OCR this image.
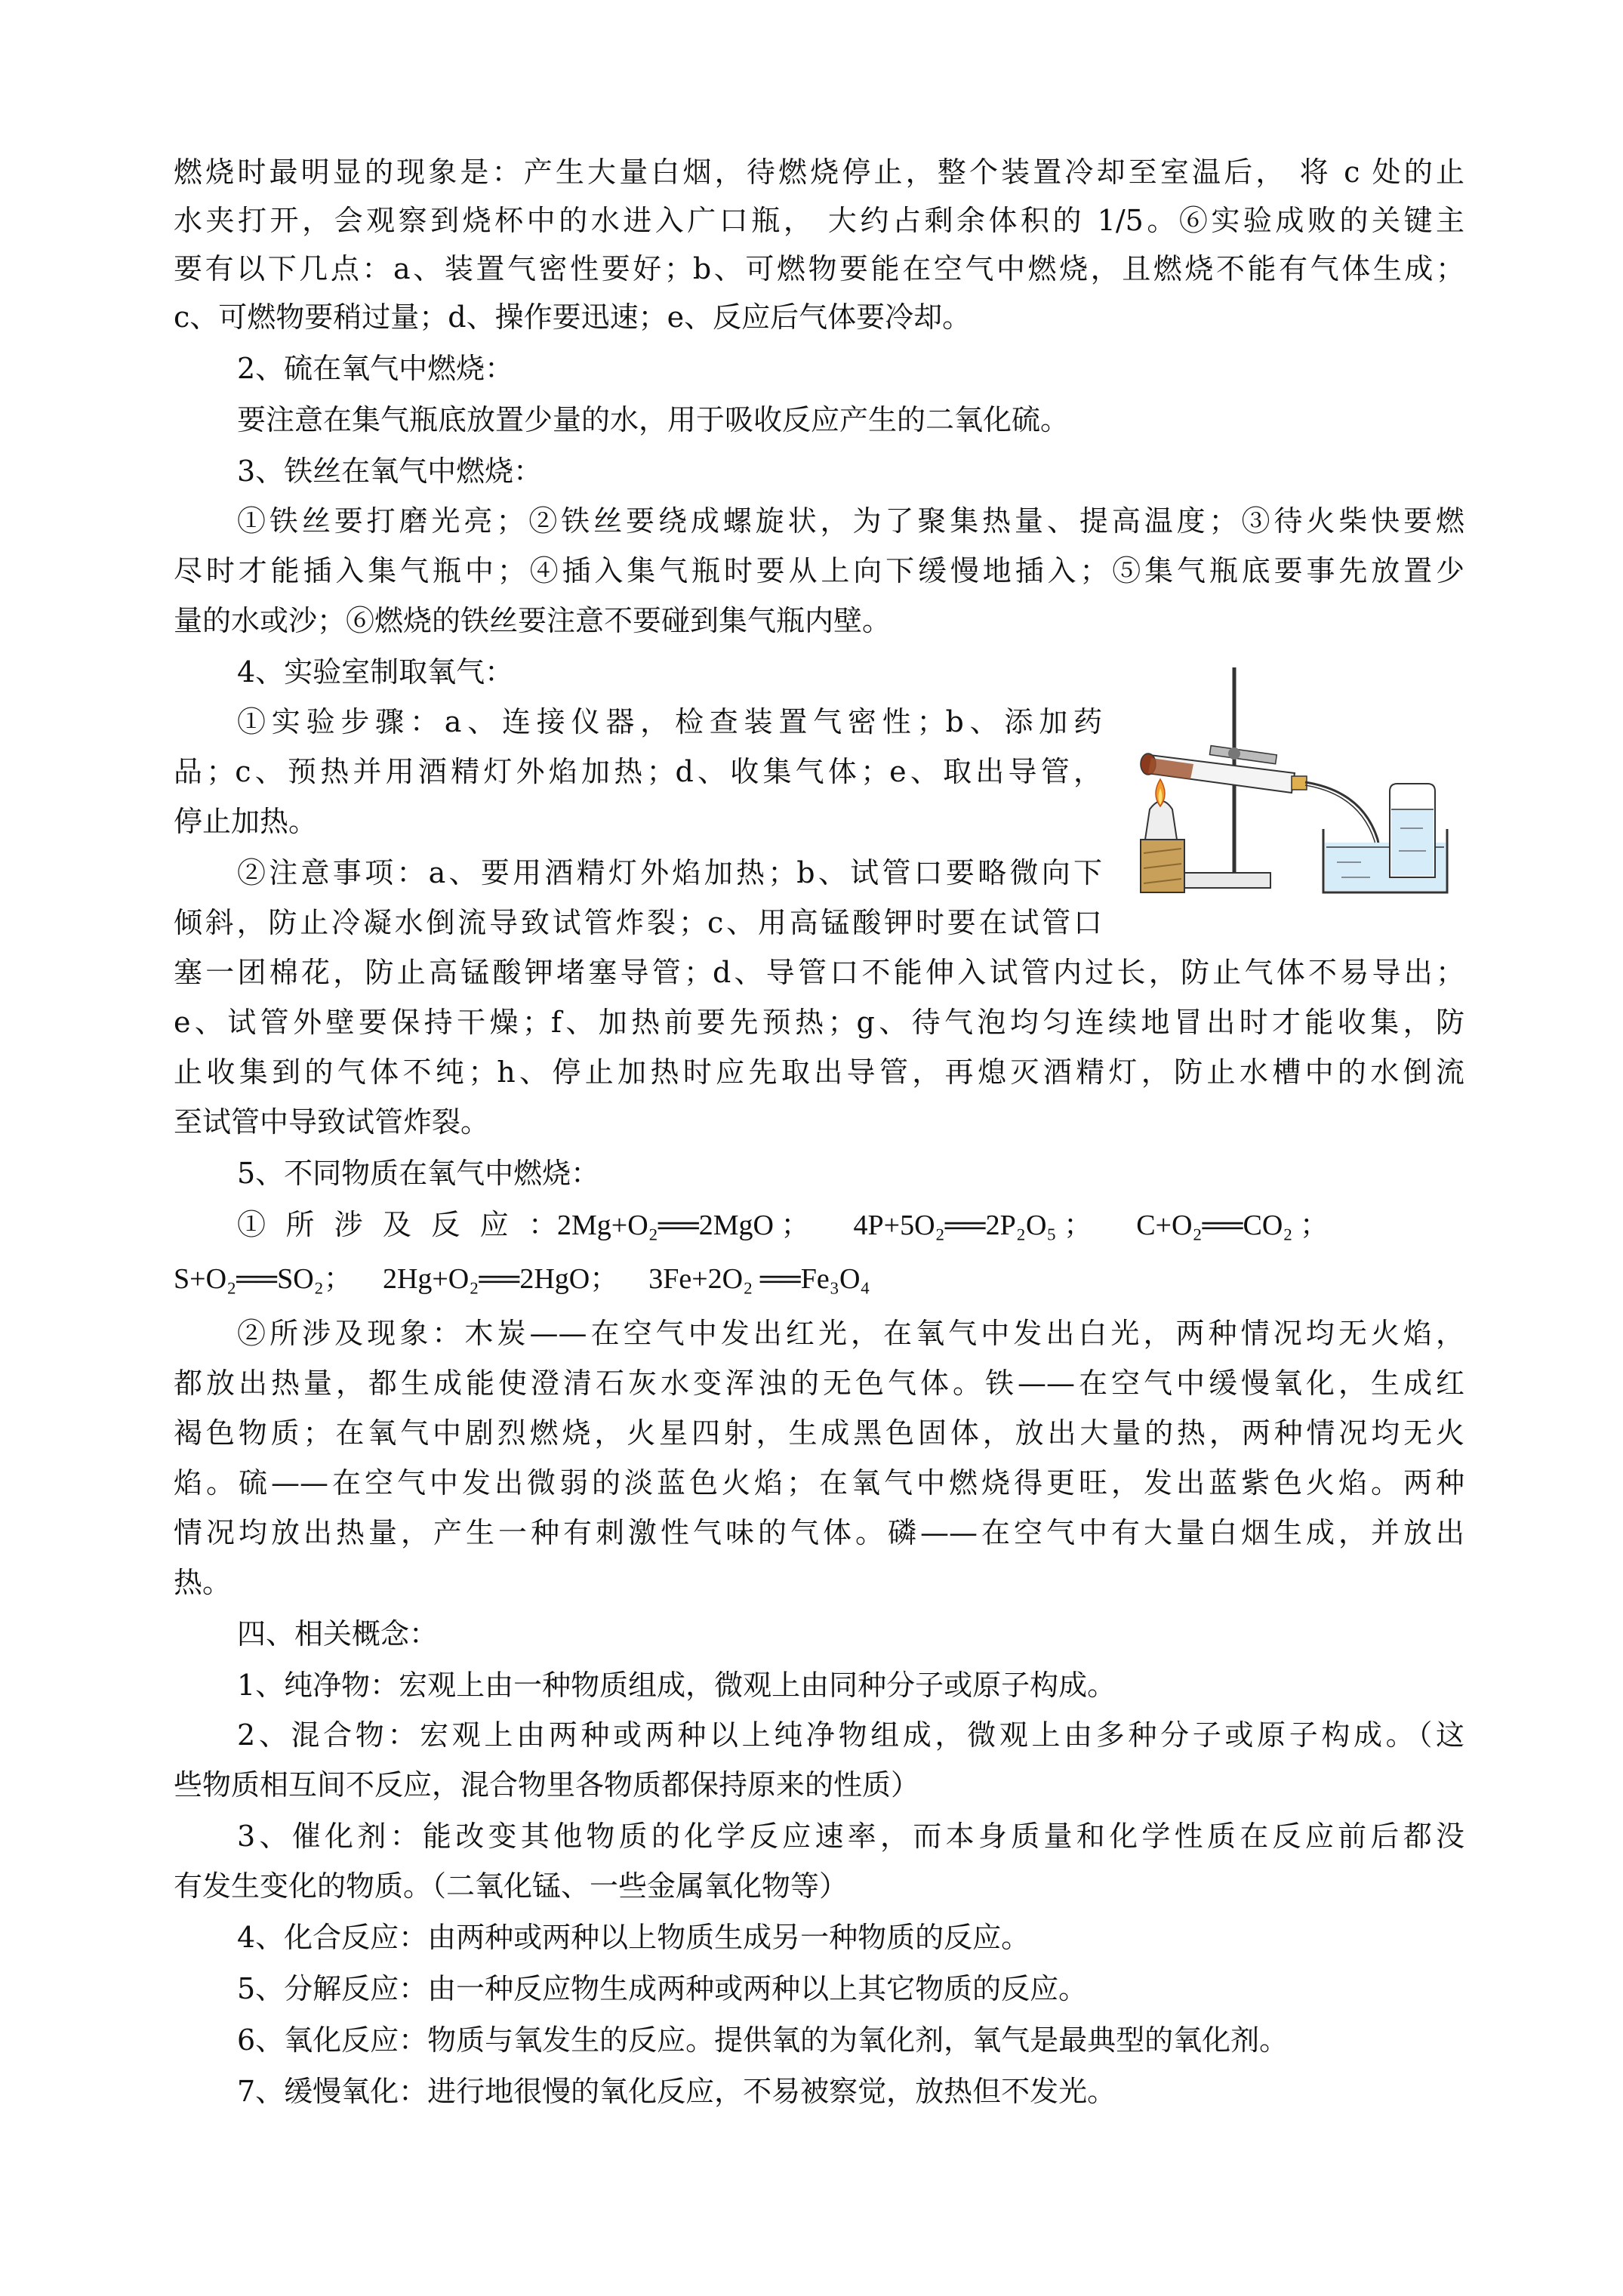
燃烧时最明显的现象是：产生大量白烟，待燃烧停止，整个装置冷却至室温后， 将 c 处的止
水夹打开，会观察到烧杯中的水进入广口瓶， 大约占剩余体积的 1/5。⑥实验成败的关键主
要有以下几点：a、装置气密性要好；b、可燃物要能在空气中燃烧，且燃烧不能有气体生成；
c、可燃物要稍过量；d、操作要迅速；e、反应后气体要冷却。
2、硫在氧气中燃烧：
要注意在集气瓶底放置少量的水，用于吸收反应产生的二氧化硫。
3、铁丝在氧气中燃烧：
①铁丝要打磨光亮；②铁丝要绕成螺旋状，为了聚集热量、提高温度；③待火柴快要燃
尽时才能插入集气瓶中；④插入集气瓶时要从上向下缓慢地插入；⑤集气瓶底要事先放置少
量的水或沙；⑥燃烧的铁丝要注意不要碰到集气瓶内壁。
4、实验室制取氧气：
①实验步骤：a、连接仪器，检查装置气密性；b、添加药
品；c、预热并用酒精灯外焰加热；d、收集气体；e、取出导管，
停止加热。
②注意事项：a、要用酒精灯外焰加热；b、试管口要略微向下
倾斜，防止冷凝水倒流导致试管炸裂；c、用高锰酸钾时要在试管口
塞一团棉花，防止高锰酸钾堵塞导管；d、导管口不能伸入试管内过长，防止气体不易导出；
e、试管外壁要保持干燥；f、加热前要先预热；g、待气泡均匀连续地冒出时才能收集，防
止收集到的气体不纯；h、停止加热时应先取出导管，再熄灭酒精灯，防止水槽中的水倒流
至试管中导致试管炸裂。
5、不同物质在氧气中燃烧：
① 所 涉 及 反 应 ： 2Mg+O₂══2MgO ； 4P+5O₂══2P₂O₅ ； C+O₂══CO₂ ；
S+O₂══SO₂； 2Hg+O₂══2HgO； 3Fe+2O₂ ══Fe₃O₄
②所涉及现象：木炭——在空气中发出红光，在氧气中发出白光，两种情况均无火焰，
都放出热量，都生成能使澄清石灰水变浑浊的无色气体。铁——在空气中缓慢氧化，生成红
褐色物质；在氧气中剧烈燃烧，火星四射，生成黑色固体，放出大量的热，两种情况均无火
焰。硫——在空气中发出微弱的淡蓝色火焰；在氧气中燃烧得更旺，发出蓝紫色火焰。两种
情况均放出热量，产生一种有刺激性气味的气体。磷——在空气中有大量白烟生成，并放出
热。
四、相关概念：
1、纯净物：宏观上由一种物质组成，微观上由同种分子或原子构成。
2、混合物：宏观上由两种或两种以上纯净物组成，微观上由多种分子或原子构成。（这
些物质相互间不反应，混合物里各物质都保持原来的性质）
3、催化剂：能改变其他物质的化学反应速率，而本身质量和化学性质在反应前后都没
有发生变化的物质。（二氧化锰、一些金属氧化物等）
4、化合反应：由两种或两种以上物质生成另一种物质的反应。
5、分解反应：由一种反应物生成两种或两种以上其它物质的反应。
6、氧化反应：物质与氧发生的反应。提供氧的为氧化剂，氧气是最典型的氧化剂。
7、缓慢氧化：进行地很慢的氧化反应，不易被察觉，放热但不发光。
